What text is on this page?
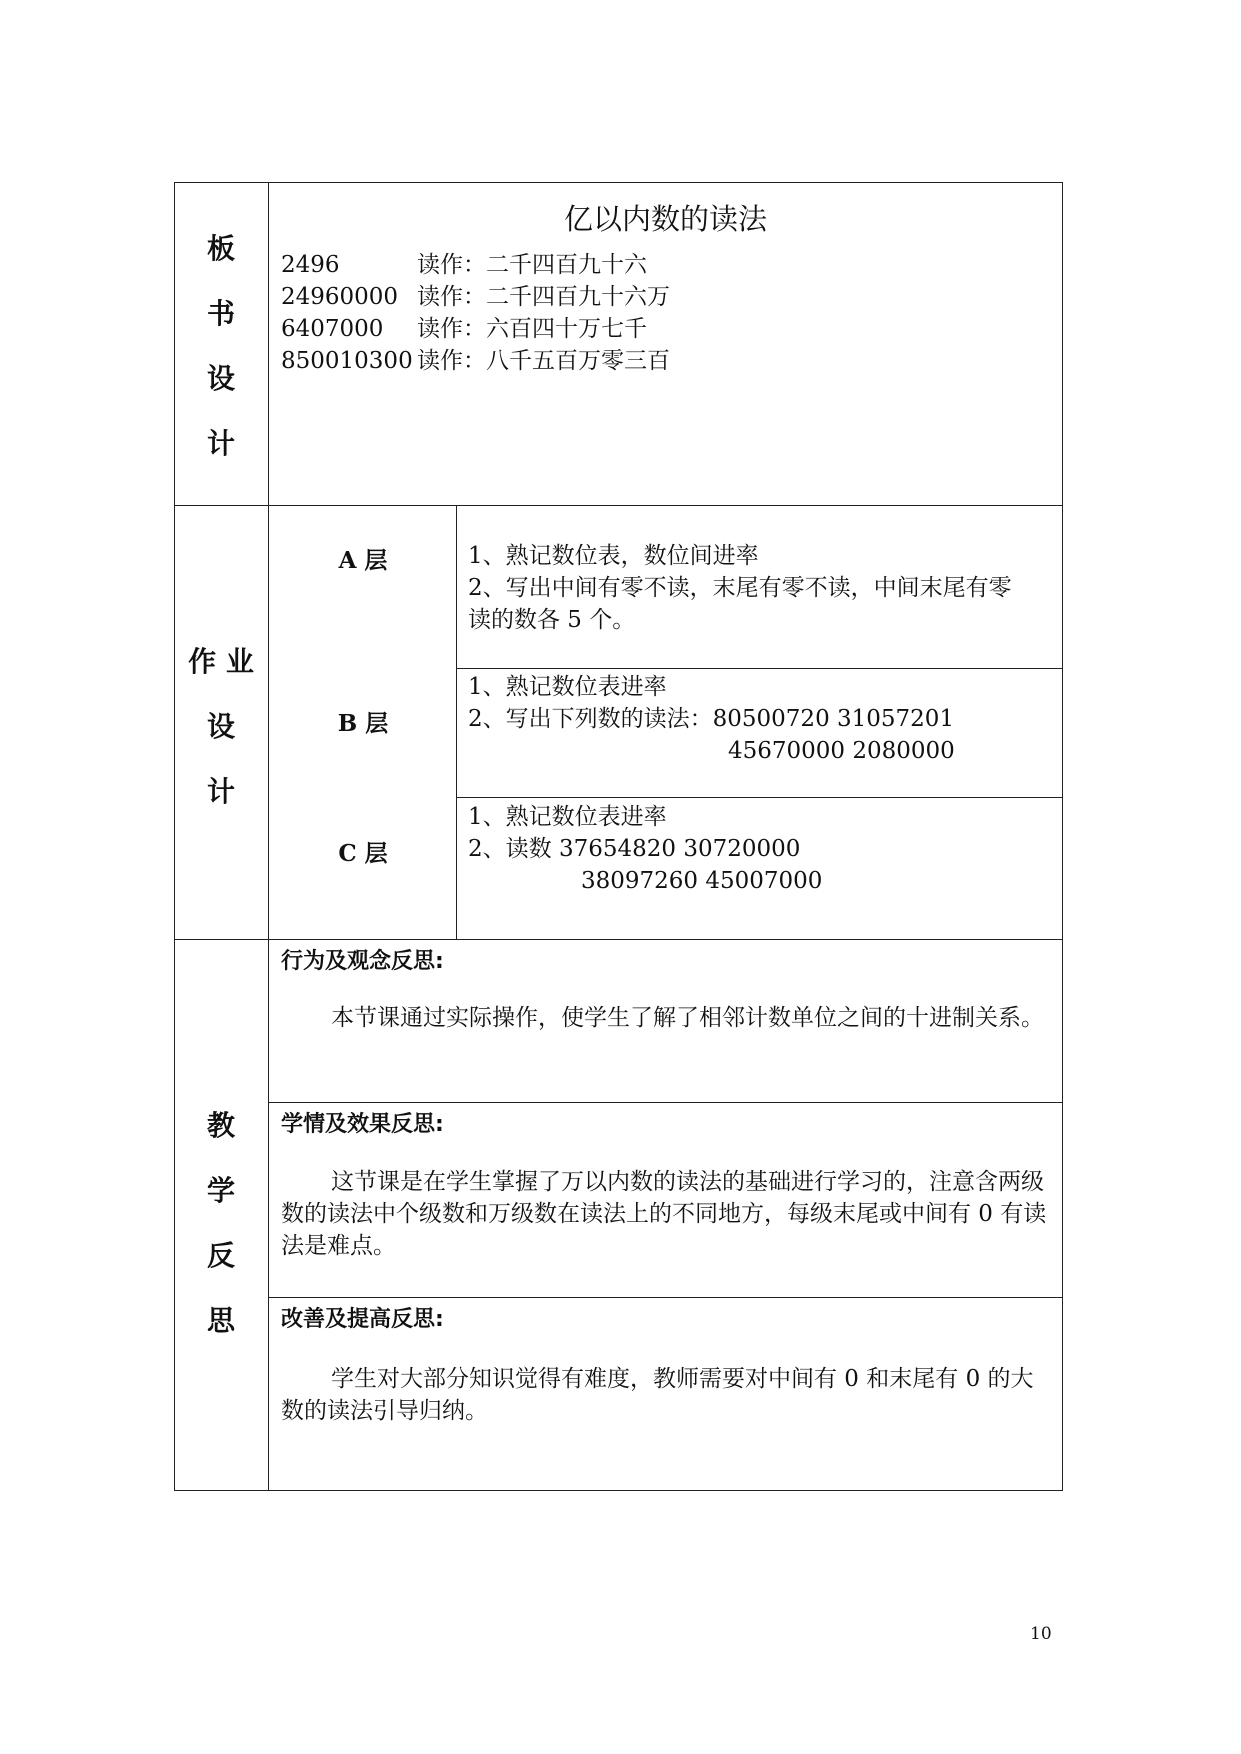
板
书
设
计
亿以内数的读法
2496	读作：二千四百九十六
24960000 读作：二千四百九十六万
6407000 读作：六百四十万七千
850010300 读作：八千五百万零三百
作 业
设
计
A 层	1、熟记数位表，数位间进率
2、写出中间有零不读，末尾有零不读，中间末尾有零
读的数各 5 个。
B 层
1、熟记数位表进率
2、写出下列数的读法：80500720 31057201
45670000 2080000
C 层
1、熟记数位表进率
2、读数 37654820 30720000
38097260 45007000
教
学
反
思
行为及观念反思:
本节课通过实际操作，使学生了解了相邻计数单位之间的十进制关系。
学情及效果反思:
这节课是在学生掌握了万以内数的读法的基础进行学习的，注意含两级数的读法中个级数和万级数在读法上的不同地方，每级末尾或中间有 0 有读法是难点。
改善及提高反思:
学生对大部分知识觉得有难度，教师需要对中间有 0 和末尾有 0 的大数的读法引导归纳。
10
